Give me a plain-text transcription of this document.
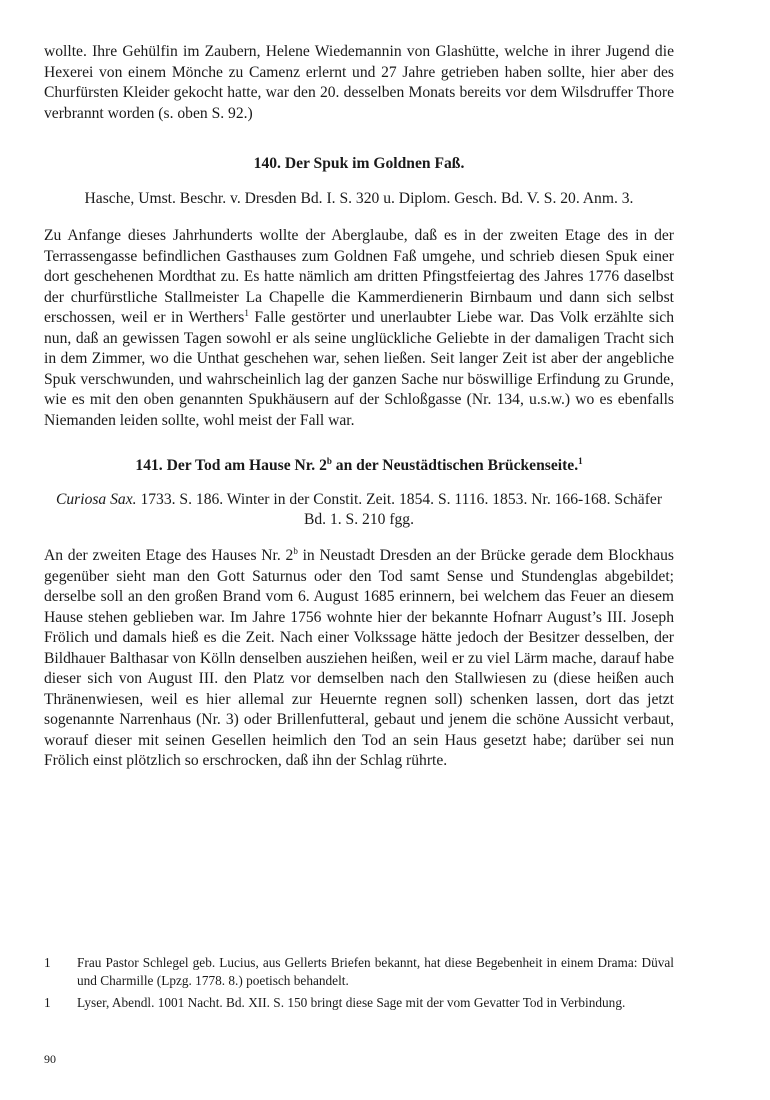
wollte. Ihre Gehülfin im Zaubern, Helene Wiedemannin von Glashütte, welche in ihrer Jugend die Hexerei von einem Mönche zu Camenz erlernt und 27 Jahre getrieben haben sollte, hier aber des Churfürsten Kleider gekocht hatte, war den 20. desselben Monats bereits vor dem Wilsdruffer Thore verbrannt worden (s. oben S. 92.)

140. Der Spuk im Goldnen Faß.

Hasche, Umst. Beschr. v. Dresden Bd. I. S. 320 u. Diplom. Gesch. Bd. V. S. 20. Anm. 3.

Zu Anfange dieses Jahrhunderts wollte der Aberglaube, daß es in der zweiten Etage des in der Terrassengasse befindlichen Gasthauses zum Goldnen Faß umgehe, und schrieb diesen Spuk einer dort geschehenen Mordthat zu. Es hatte nämlich am dritten Pfingstfeiertag des Jahres 1776 daselbst der churfürstliche Stallmeister La Chapelle die Kammerdienerin Birnbaum und dann sich selbst erschossen, weil er in Werthers$^1$ Falle gestörter und unerlaubter Liebe war. Das Volk erzählte sich nun, daß an gewissen Tagen sowohl er als seine unglückliche Geliebte in der damaligen Tracht sich in dem Zimmer, wo die Unthat geschehen war, sehen ließen. Seit langer Zeit ist aber der angebliche Spuk verschwunden, und wahrscheinlich lag der ganzen Sache nur böswillige Erfindung zu Grunde, wie es mit den oben genannten Spukhäusern auf der Schloßgasse (Nr. 134, u.s.w.) wo es ebenfalls Niemanden leiden sollte, wohl meist der Fall war.

141. Der Tod am Hause Nr. 2$^b$ an der Neustädtischen Brückenseite.$^1$

Curiosa Sax. 1733. S. 186. Winter in der Constit. Zeit. 1854. S. 1116. 1853. Nr. 166-168. Schäfer Bd. 1. S. 210 fgg.

An der zweiten Etage des Hauses Nr. 2$^b$ in Neustadt Dresden an der Brücke gerade dem Blockhaus gegenüber sieht man den Gott Saturnus oder den Tod samt Sense und Stundenglas abgebildet; derselbe soll an den großen Brand vom 6. August 1685 erinnern, bei welchem das Feuer an diesem Hause stehen geblieben war. Im Jahre 1756 wohnte hier der bekannte Hofnarr August’s III. Joseph Frölich und damals hieß es die Zeit. Nach einer Volkssage hätte jedoch der Besitzer desselben, der Bildhauer Balthasar von Kölln denselben ausziehen heißen, weil er zu viel Lärm mache, darauf habe dieser sich von August III. den Platz vor demselben nach den Stallwiesen zu (diese heißen auch Thränenwiesen, weil es hier allemal zur Heuernte regnen soll) schenken lassen, dort das jetzt sogenannte Narrenhaus (Nr. 3) oder Brillenfutteral, gebaut und jenem die schöne Aussicht verbaut, worauf dieser mit seinen Gesellen heimlich den Tod an sein Haus gesetzt habe; darüber sei nun Frölich einst plötzlich so erschrocken, daß ihn der Schlag rührte.

1	Frau Pastor Schlegel geb. Lucius, aus Gellerts Briefen bekannt, hat diese Begebenheit in einem Drama: Düval und Charmille (Lpzg. 1778. 8.) poetisch behandelt.
1	Lyser, Abendl. 1001 Nacht. Bd. XII. S. 150 bringt diese Sage mit der vom Gevatter Tod in Verbindung.
90
